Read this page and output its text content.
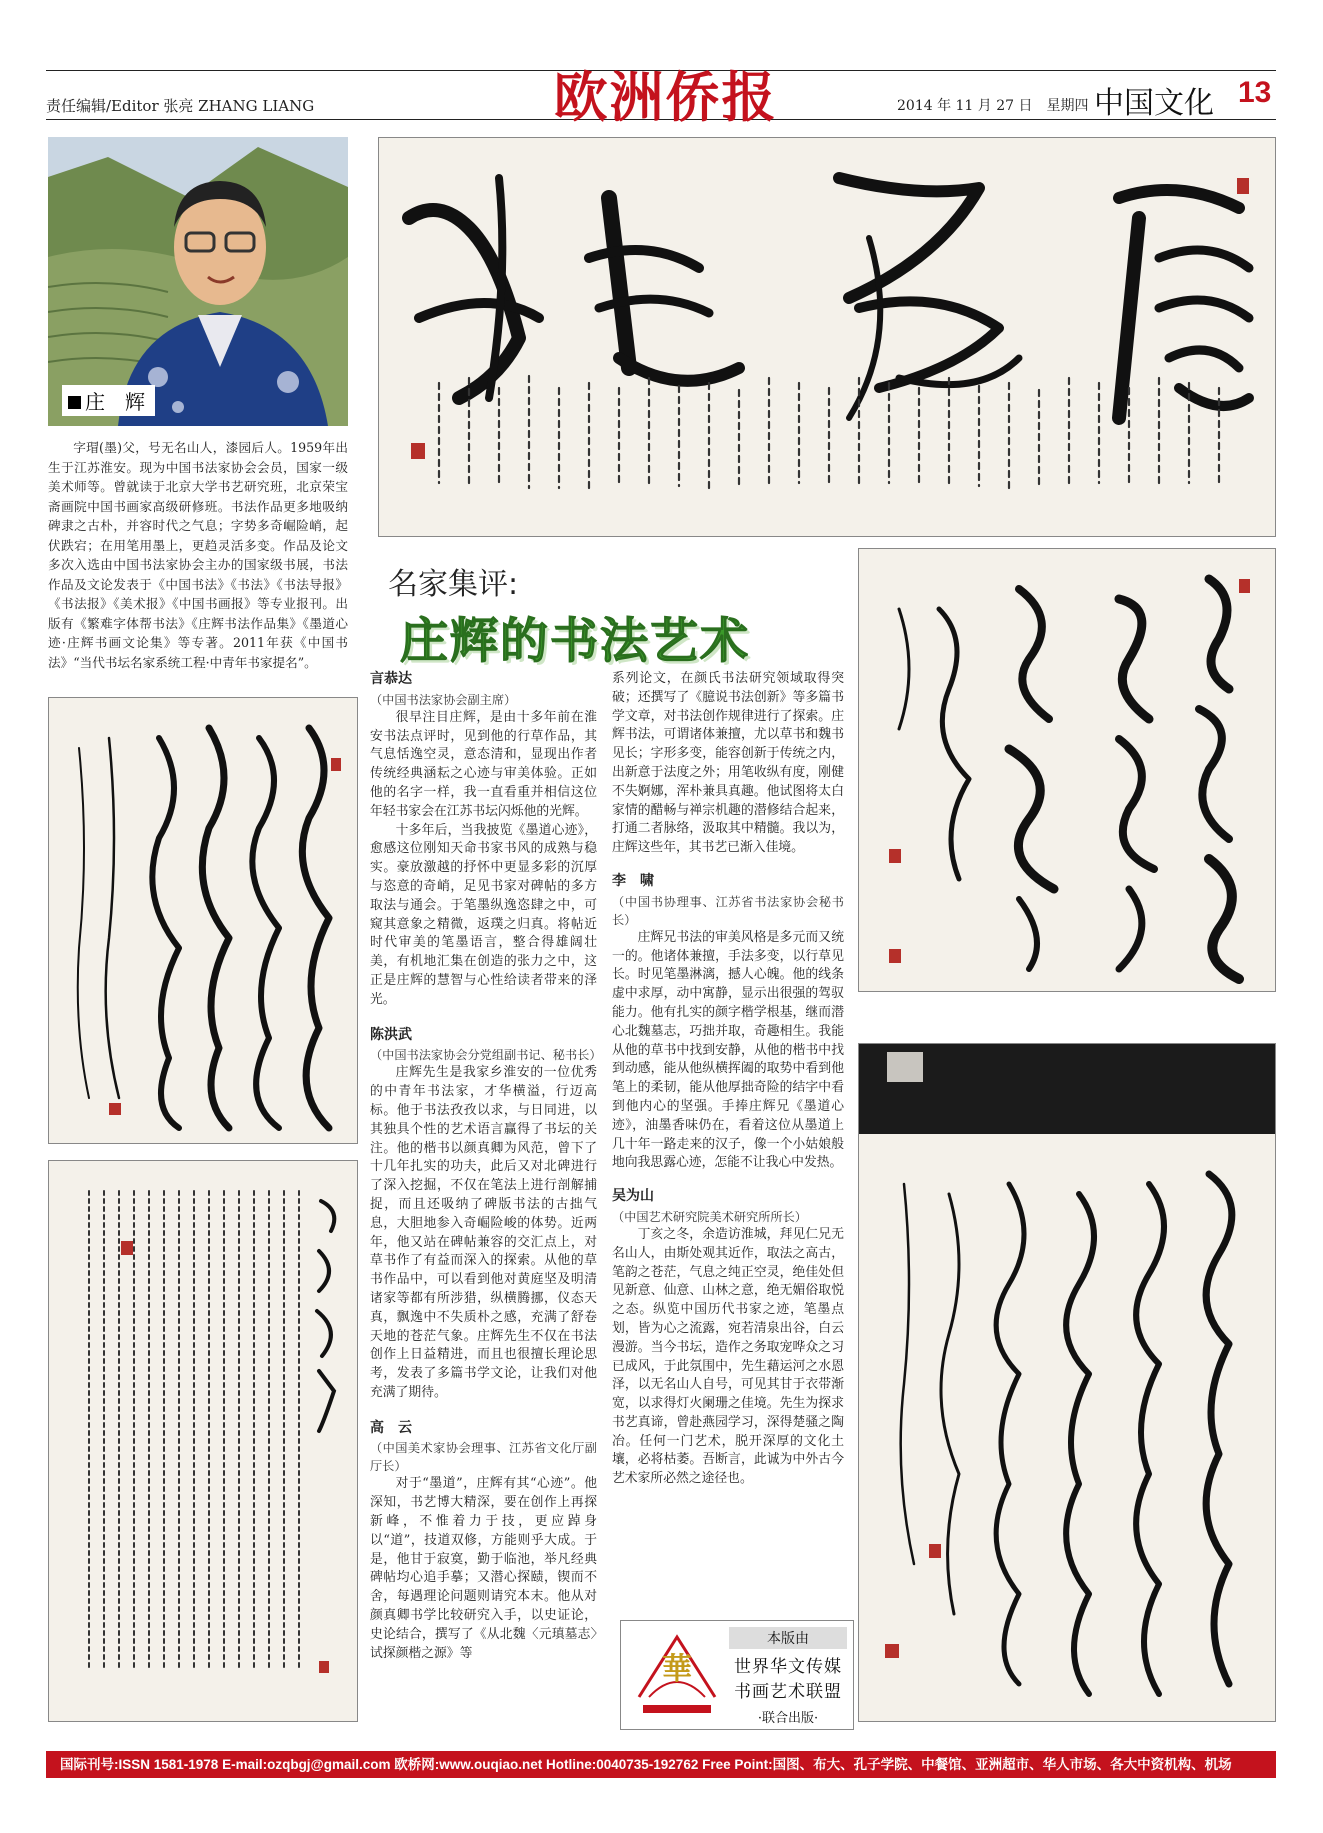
责任编辑/Editor 张亮 ZHANG LIANG	欧洲侨报	2014 年 11 月 27 日　星期四 中国文化 13
庄　辉
字瑁(墨)父，号无名山人，漆园后人。1959年出生于江苏淮安。现为中国书法家协会会员，国家一级美术师等。曾就读于北京大学书艺研究班，北京荣宝斋画院中国书画家高级研修班。书法作品更多地吸纳碑隶之古朴，并容时代之气息；字势多奇崛险峭，起伏跌宕；在用笔用墨上，更趋灵活多变。作品及论文多次入选由中国书法家协会主办的国家级书展，书法作品及文论发表于《中国书法》《书法》《书法导报》《书法报》《美术报》《中国书画报》等专业报刊。出版有《繁难字体帮书法》《庄辉书法作品集》《墨道心迹·庄辉书画文论集》等专著。2011年获《中国书法》“当代书坛名家系统工程·中青年书家提名”。
名家集评:
庄辉的书法艺术
言恭达
（中国书法家协会副主席）

很早注目庄辉，是由十多年前在淮安书法点评时，见到他的行草作品，其气息恬逸空灵，意态清和，显现出作者传统经典涵耘之心迹与审美体验。正如他的名字一样，我一直看重并相信这位年轻书家会在江苏书坛闪烁他的光辉。

十多年后，当我披览《墨道心迹》，愈感这位刚知天命书家书风的成熟与稳实。豪放激越的抒怀中更显多彩的沉厚与恣意的奇峭，足见书家对碑帖的多方取法与通会。于笔墨纵逸恣肆之中，可窥其意象之精微，返璞之归真。将帖近时代审美的笔墨语言，整合得雄阔壮美，有机地汇集在创造的张力之中，这正是庄辉的慧智与心性给读者带来的泽光。

陈洪武
（中国书法家协会分党组副书记、秘书长）

庄辉先生是我家乡淮安的一位优秀的中青年书法家，才华横溢，行迈高标。他于书法孜孜以求，与日同进，以其独具个性的艺术语言赢得了书坛的关注。他的楷书以颜真卿为风范，曾下了十几年扎实的功夫，此后又对北碑进行了深入挖掘，不仅在笔法上进行剖解捕捉，而且还吸纳了碑版书法的古拙气息，大胆地参入奇崛险峻的体势。近两年，他又站在碑帖兼容的交汇点上，对草书作了有益而深入的探索。从他的草书作品中，可以看到他对黄庭坚及明清诸家等都有所涉猎，纵横腾挪，仪态天真，飘逸中不失质朴之感，充满了舒卷天地的苍茫气象。庄辉先生不仅在书法创作上日益精进，而且也很擅长理论思考，发表了多篇书学文论，让我们对他充满了期待。

高　云
（中国美术家协会理事、江苏省文化厅副厅长）

对于“墨道”，庄辉有其“心迹”。他深知，书艺博大精深，要在创作上再探新峰，不惟着力于技，更应踔身以“道”，技道双修，方能则乎大成。于是，他甘于寂寞，勤于临池，举凡经典碑帖均心追手摹；又潜心探赜，锲而不舍，每遇理论问题则请究本末。他从对颜真卿书学比较研究入手，以史证论，史论结合，撰写了《从北魏〈元瑱墓志〉试探颜楷之源》等

系列论文，在颜氏书法研究领域取得突破；还撰写了《臆说书法创新》等多篇书学文章，对书法创作规律进行了探索。庄辉书法，可谓诸体兼擅，尤以草书和魏书见长；字形多变，能容创新于传统之内，出新意于法度之外；用笔收纵有度，刚健不失婀娜，浑朴兼具真趣。他试图将太白家情的醋畅与禅宗机趣的潜修结合起来，打通二者脉络，汲取其中精髓。我以为，庄辉这些年，其书艺已渐入佳境。

李　啸
（中国书协理事、江苏省书法家协会秘书长）

庄辉兄书法的审美风格是多元而又统一的。他诸体兼擅，手法多变，以行草见长。时见笔墨淋漓，撼人心魄。他的线条虚中求厚，动中寓静，显示出很强的驾驭能力。他有扎实的颜字楷学根基，继而潜心北魏墓志，巧拙并取，奇趣相生。我能从他的草书中找到安静，从他的楷书中找到动感，能从他纵横挥阖的取势中看到他笔上的柔韧，能从他厚拙奇险的结字中看到他内心的坚强。手捧庄辉兄《墨道心迹》，油墨香味仍在，看着这位从墨道上几十年一路走来的汉子，像一个小姑娘般地向我思露心迹，怎能不让我心中发热。

吴为山
（中国艺术研究院美术研究所所长）

丁亥之冬，余造访淮城，拜见仁兄无名山人，由斯处观其近作，取法之高古，笔韵之苍茫，气息之纯正空灵，绝佳处但见新意、仙意、山林之意，绝无媚俗取悦之态。纵览中国历代书家之迹，笔墨点划，皆为心之流露，宛若清泉出谷，白云漫游。当今书坛，造作之务取宠哗众之习已成风，于此氛围中，先生藉运河之水恩泽，以无名山人自号，可见其甘于衣带渐宽，以求得灯火阑珊之佳境。先生为探求书艺真谛，曾赴燕园学习，深得楚骚之陶冶。任何一门艺术，脱开深厚的文化土壤，必将枯萎。吾断言，此诚为中外古今艺术家所必然之途径也。

華
本版由
世界华文传媒
书画艺术联盟
·联合出版·
国际刊号:ISSN 1581-1978 E-mail:ozqbgj@gmail.com 欧桥网:www.ouqiao.net Hotline:0040735-192762 Free Point:国图、布大、孔子学院、中餐馆、亚洲超市、华人市场、各大中资机构、机场
